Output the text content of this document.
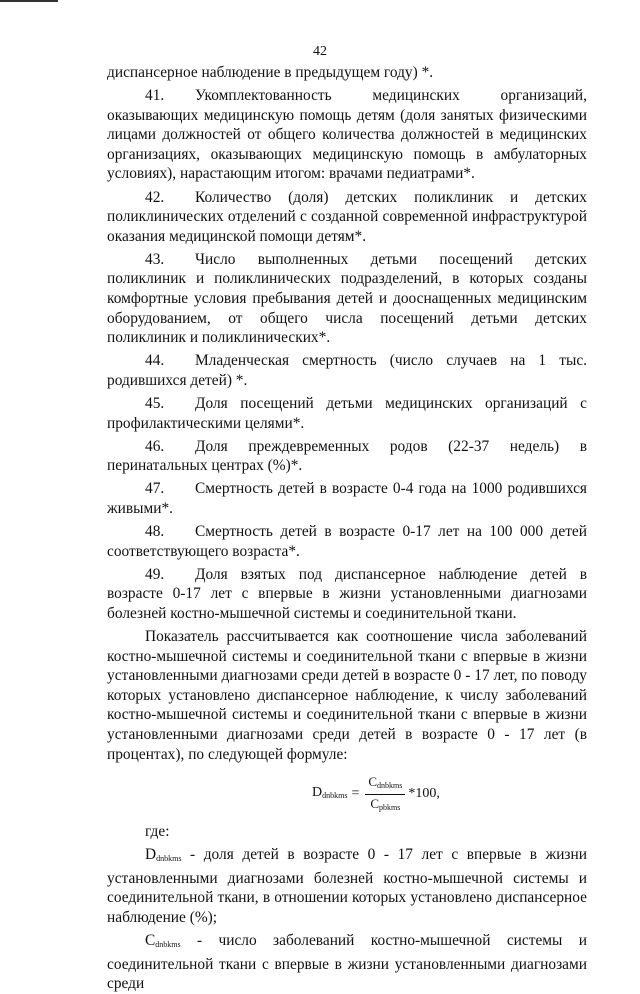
42

диспансерное наблюдение в предыдущем году) *.

41. Укомплектованность медицинских организаций, оказывающих медицинскую помощь детям (доля занятых физическими лицами должностей от общего количества должностей в медицинских организациях, оказывающих медицинскую помощь в амбулаторных условиях), нарастающим итогом: врачами педиатрами*.

42. Количество (доля) детских поликлиник и детских поликлинических отделений с созданной современной инфраструктурой оказания медицинской помощи детям*.

43. Число выполненных детьми посещений детских поликлиник и поликлинических подразделений, в которых созданы комфортные условия пребывания детей и дооснащенных медицинским оборудованием, от общего числа посещений детьми детских поликлиник и поликлинических*.

44. Младенческая смертность (число случаев на 1 тыс. родившихся детей) *.

45. Доля посещений детьми медицинских организаций с профилактическими целями*.

46. Доля преждевременных родов (22-37 недель) в перинатальных центрах (%)*.

47. Смертность детей в возрасте 0-4 года на 1000 родившихся живыми*.

48. Смертность детей в возрасте 0-17 лет на 100 000 детей соответствующего возраста*.

49. Доля взятых под диспансерное наблюдение детей в возрасте 0-17 лет с впервые в жизни установленными диагнозами болезней костно-мышечной системы и соединительной ткани.

Показатель рассчитывается как соотношение числа заболеваний костно-мышечной системы и соединительной ткани с впервые в жизни установленными диагнозами среди детей в возрасте 0 - 17 лет, по поводу которых установлено диспансерное наблюдение, к числу заболеваний костно-мышечной системы и соединительной ткани с впервые в жизни установленными диагнозами среди детей в возрасте 0 - 17 лет (в процентах), по следующей формуле:

$D_{dnbkms} = \frac{C_{dnbkms}}{C_{pbkms}} *100$,

где:

$D_{dnbkms}$ - доля детей в возрасте 0 - 17 лет с впервые в жизни установленными диагнозами болезней костно-мышечной системы и соединительной ткани, в отношении которых установлено диспансерное наблюдение (%);

$C_{dnbkms}$ - число заболеваний костно-мышечной системы и соединительной ткани с впервые в жизни установленными диагнозами среди
